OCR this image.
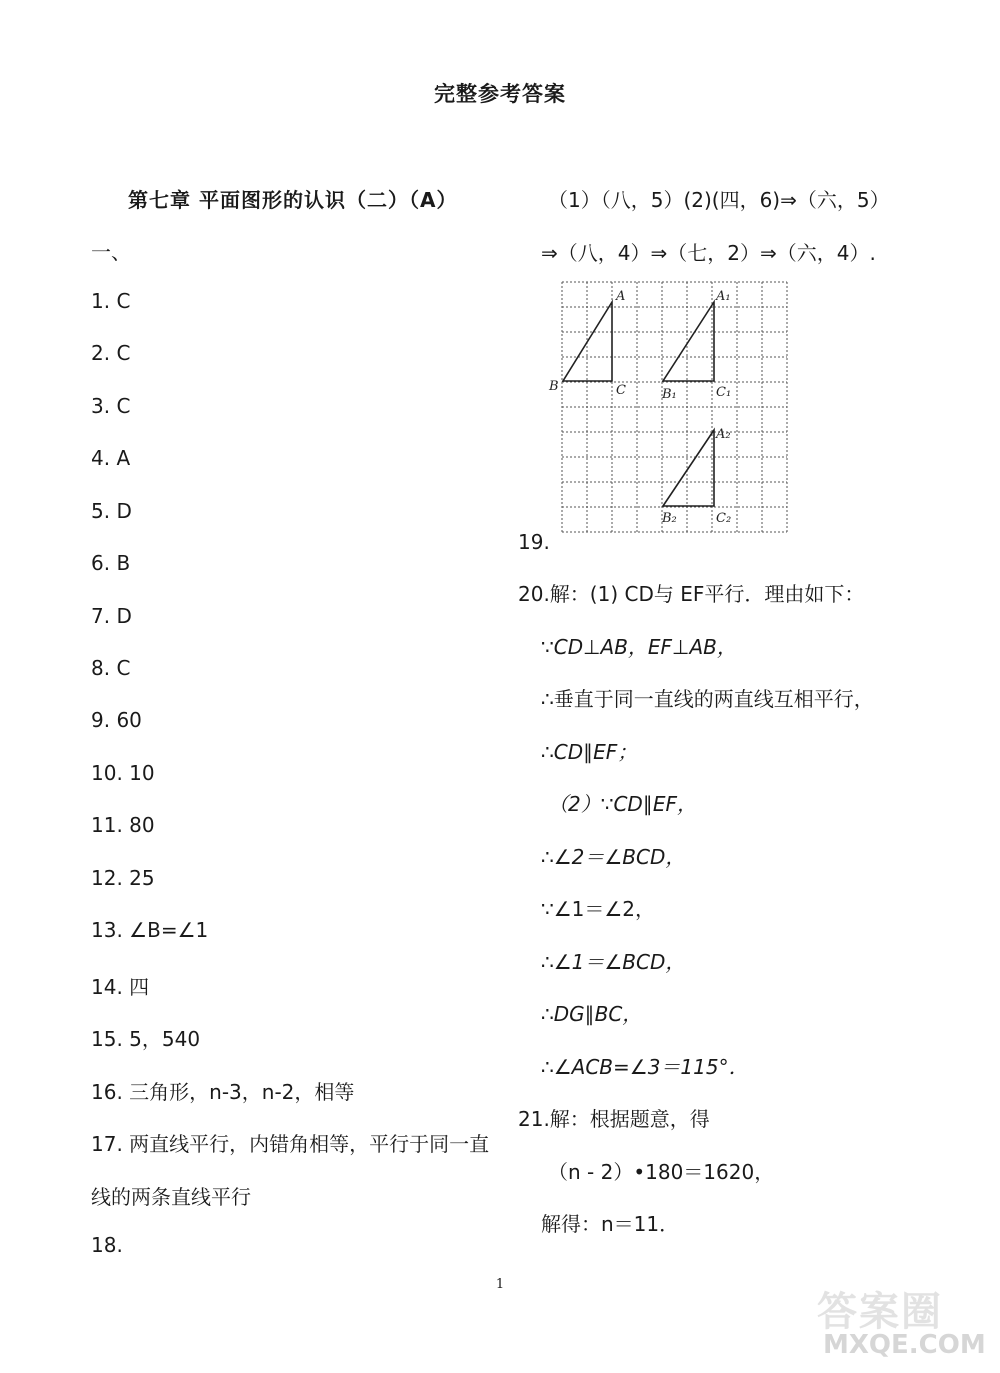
完整参考答案
第七章 平面图形的认识（二）（A）
一、
1. C
2. C
3. C
4. A
5. D
6. B
7. D
8. C
9. 60
10. 10
11. 80
12. 25
13. ∠B=∠1
14. 四
15. 5，540
16. 三角形，n-3，n-2，相等
17. 两直线平行，内错角相等，平行于同一直
线的两条直线平行
18.
（1）（八，5）(2)(四，6)⇒（六，5）
⇒（八，4）⇒（七，2）⇒（六，4）.
A
B	C
A₁
B₁	C₁
A₂
B₂	C₂
19.
20.解：(1) CD与 EF平行．理由如下：
∵CD⊥AB，EF⊥AB，
∴垂直于同一直线的两直线互相平行，
∴CD∥EF；
（2）∵CD∥EF，
∴∠2＝∠BCD，
∵∠1＝∠2，
∴∠1＝∠BCD，
∴DG∥BC，
∴∠ACB=∠3＝115°．
21.解：根据题意，得
（n - 2）•180＝1620，
解得：n＝11．
1
答案圈
MXQE.COM
